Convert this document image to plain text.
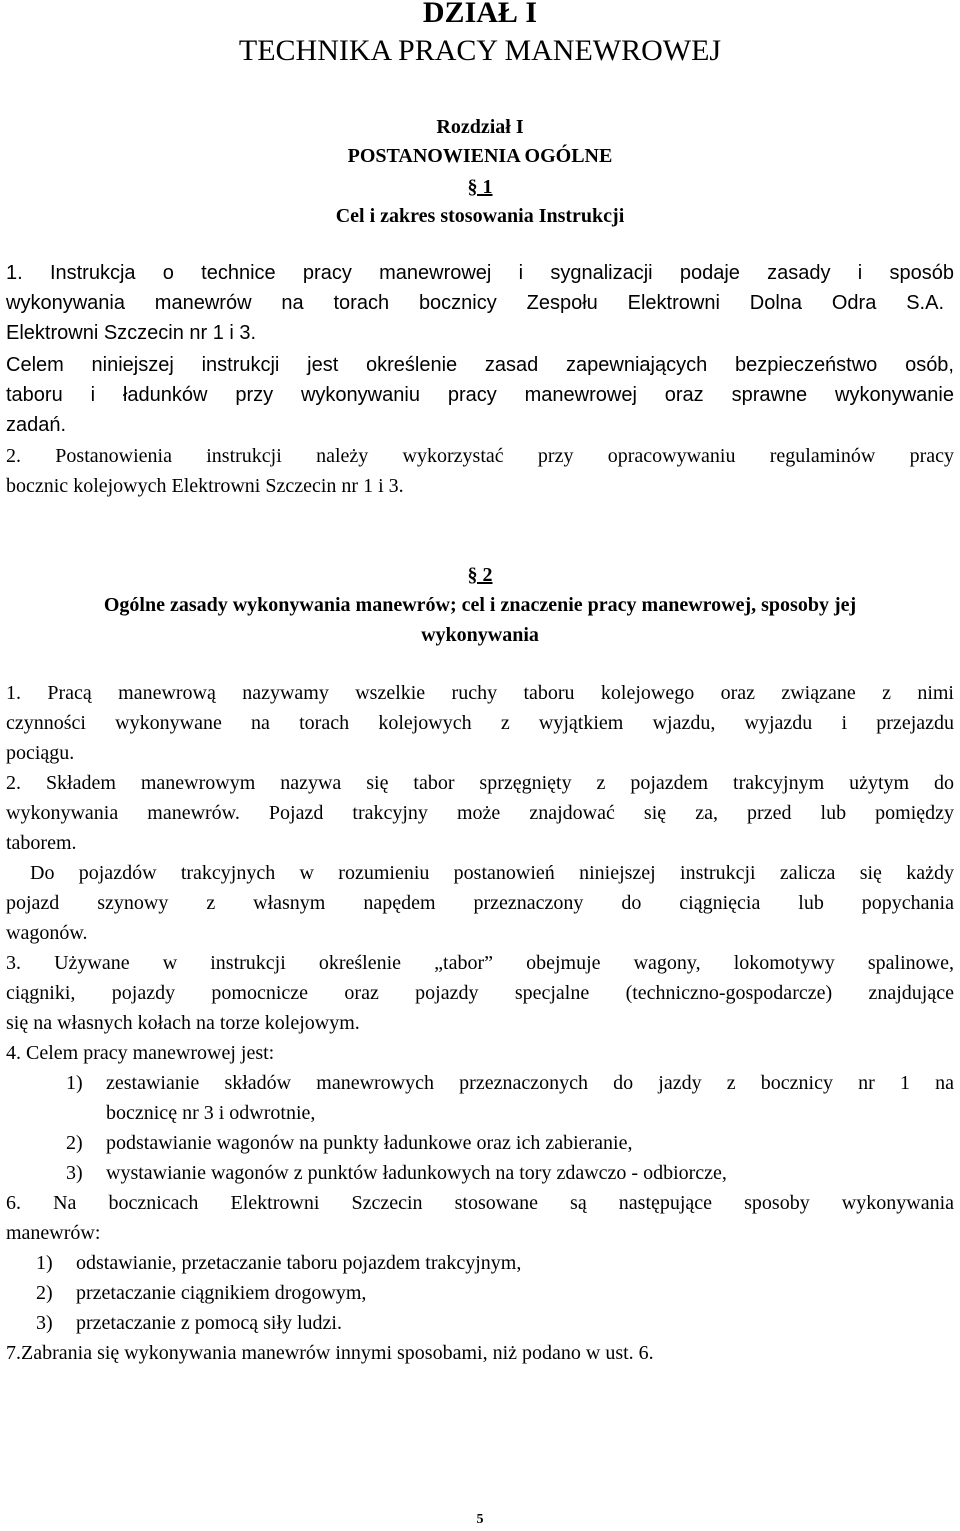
DZIAŁ I
TECHNIKA PRACY MANEWROWEJ
Rozdział I
POSTANOWIENIA OGÓLNE
§ 1
Cel i zakres stosowania Instrukcji
1. Instrukcja o technice pracy manewrowej i sygnalizacji podaje zasady i sposób
wykonywania manewrów na torach bocznicy Zespołu Elektrowni Dolna Odra S.A.
Elektrowni Szczecin nr 1 i 3.
Celem niniejszej instrukcji jest określenie zasad zapewniających bezpieczeństwo osób,
taboru i ładunków przy wykonywaniu pracy manewrowej oraz sprawne wykonywanie
zadań.
2. Postanowienia instrukcji należy wykorzystać przy opracowywaniu regulaminów pracy
bocznic kolejowych Elektrowni Szczecin nr 1 i 3.
§ 2
Ogólne zasady wykonywania manewrów; cel i znaczenie pracy manewrowej, sposoby jej
wykonywania
1. Pracą manewrową nazywamy wszelkie ruchy taboru kolejowego oraz związane z nimi
czynności wykonywane na torach kolejowych z wyjątkiem wjazdu, wyjazdu i przejazdu
pociągu.
2. Składem manewrowym nazywa się tabor sprzęgnięty z pojazdem trakcyjnym użytym do
wykonywania manewrów. Pojazd trakcyjny może znajdować się za, przed lub pomiędzy
taborem.
Do pojazdów trakcyjnych w rozumieniu postanowień niniejszej instrukcji zalicza się każdy
pojazd szynowy z własnym napędem przeznaczony do ciągnięcia lub popychania
wagonów.
3. Używane w instrukcji określenie „tabor” obejmuje wagony, lokomotywy spalinowe,
ciągniki, pojazdy pomocnicze oraz pojazdy specjalne (techniczno-gospodarcze) znajdujące
się na własnych kołach na torze kolejowym.
4. Celem pracy manewrowej jest:
1) zestawianie składów manewrowych przeznaczonych do jazdy z bocznicy nr 1 na
bocznicę nr 3 i odwrotnie,
2) podstawianie wagonów na punkty ładunkowe oraz ich zabieranie,
3) wystawianie wagonów z punktów ładunkowych na tory zdawczo - odbiorcze,
6. Na bocznicach Elektrowni Szczecin stosowane są następujące sposoby wykonywania
manewrów:
1) odstawianie, przetaczanie taboru pojazdem trakcyjnym,
2) przetaczanie ciągnikiem drogowym,
3) przetaczanie z pomocą siły ludzi.
7.Zabrania się wykonywania manewrów innymi sposobami, niż podano w ust. 6.
5
